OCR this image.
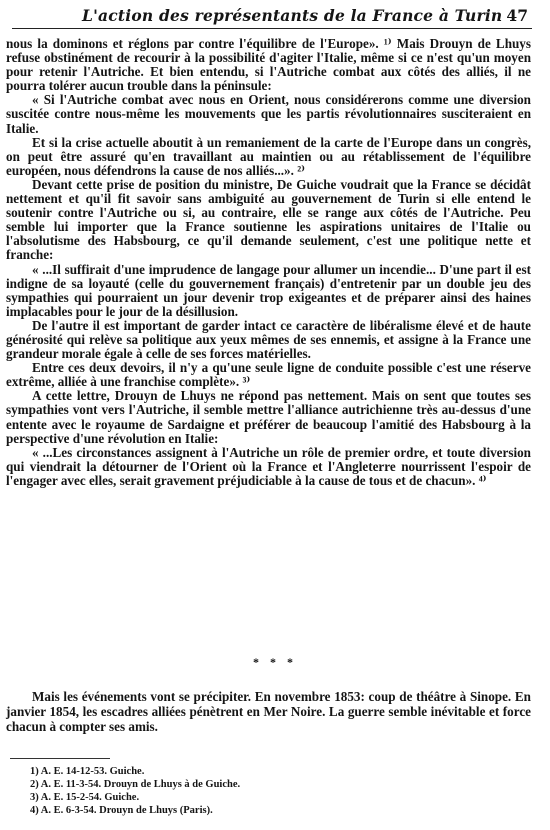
L'action des représentants de la France à Turin 47

nous la dominons et réglons par contre l'équilibre de l'Europe». ¹⁾ Mais Drouyn de Lhuys refuse obstinément de recourir à la possibilité d'agiter l'Italie, même si ce n'est qu'un moyen pour retenir l'Autriche. Et bien entendu, si l'Autriche combat aux côtés des alliés, il ne pourra tolérer aucun trouble dans la péninsule:

« Si l'Autriche combat avec nous en Orient, nous considérerons comme une diversion suscitée contre nous-même les mouvements que les partis révolutionnaires susciteraient en Italie.

Et si la crise actuelle aboutit à un remaniement de la carte de l'Europe dans un congrès, on peut être assuré qu'en travaillant au maintien ou au rétablissement de l'équilibre européen, nous défendrons la cause de nos alliés...». ²⁾

Devant cette prise de position du ministre, De Guiche voudrait que la France se décidât nettement et qu'il fit savoir sans ambiguité au gouvernement de Turin si elle entend le soutenir contre l'Autriche ou si, au contraire, elle se range aux côtés de l'Autriche. Peu semble lui importer que la France soutienne les aspirations unitaires de l'Italie ou l'absolutisme des Habsbourg, ce qu'il demande seulement, c'est une politique nette et franche:

« ...Il suffirait d'une imprudence de langage pour allumer un incendie... D'une part il est indigne de sa loyauté (celle du gouvernement français) d'entretenir par un double jeu des sympathies qui pourraient un jour devenir trop exigeantes et de préparer ainsi des haines implacables pour le jour de la désillusion.

De l'autre il est important de garder intact ce caractère de libéralisme élevé et de haute générosité qui relève sa politique aux yeux mêmes de ses ennemis, et assigne à la France une grandeur morale égale à celle de ses forces matérielles.

Entre ces deux devoirs, il n'y a qu'une seule ligne de conduite possible c'est une réserve extrême, alliée à une franchise complète». ³⁾

A cette lettre, Drouyn de Lhuys ne répond pas nettement. Mais on sent que toutes ses sympathies vont vers l'Autriche, il semble mettre l'alliance autrichienne très au-dessus d'une entente avec le royaume de Sardaigne et préférer de beaucoup l'amitié des Habsbourg à la perspective d'une révolution en Italie:

« ...Les circonstances assignent à l'Autriche un rôle de premier ordre, et toute diversion qui viendrait la détourner de l'Orient où la France et l'Angleterre nourrissent l'espoir de l'engager avec elles, serait gravement préjudiciable à la cause de tous et de chacun». ⁴⁾

* * *

Mais les événements vont se précipiter. En novembre 1853: coup de théâtre à Sinope. En janvier 1854, les escadres alliées pénètrent en Mer Noire. La guerre semble inévitable et force chacun à compter ses amis.

1) A. E. 14-12-53. Guiche.
2) A. E. 11-3-54. Drouyn de Lhuys à de Guiche.
3) A. E. 15-2-54. Guiche.
4) A. E. 6-3-54. Drouyn de Lhuys (Paris).
